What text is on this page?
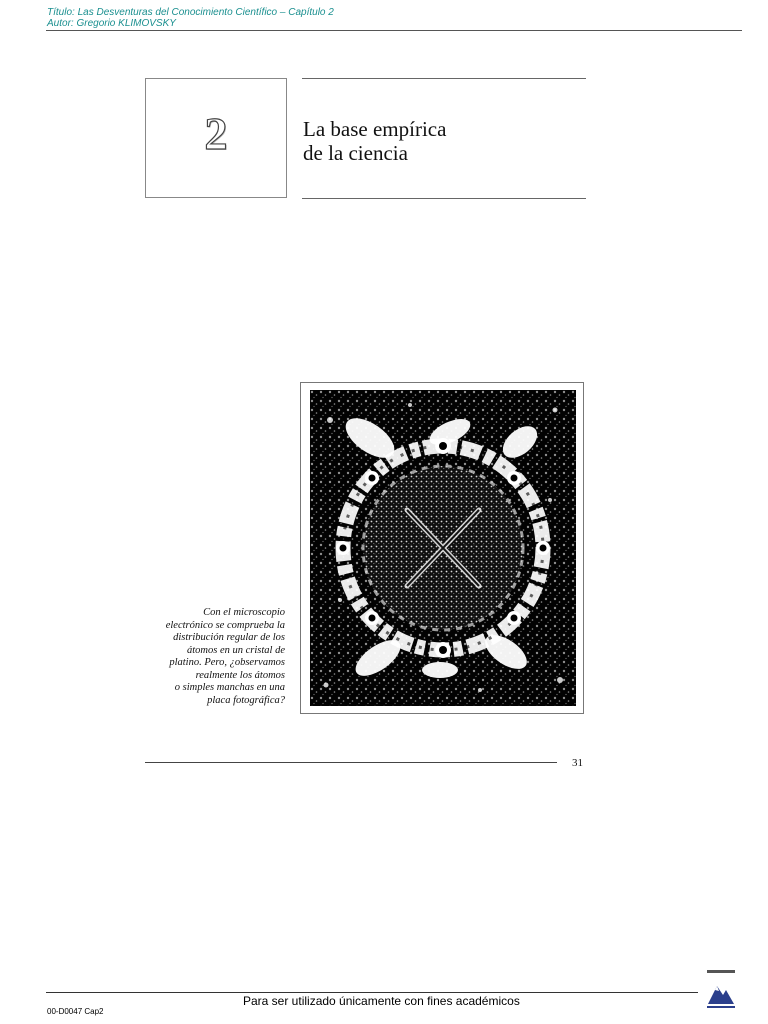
Título: Las Desventuras del Conocimiento Científico – Capítulo 2
Autor: Gregorio KLIMOVSKY
2	La base empírica
de la ciencia
Con el microscopio
electrónico se comprueba la
distribución regular de los
átomos en un cristal de
platino. Pero, ¿observamos
realmente los átomos
o simples manchas en una
placa fotográfica?
31
Para ser utilizado únicamente con fines académicos
00-D0047 Cap2
